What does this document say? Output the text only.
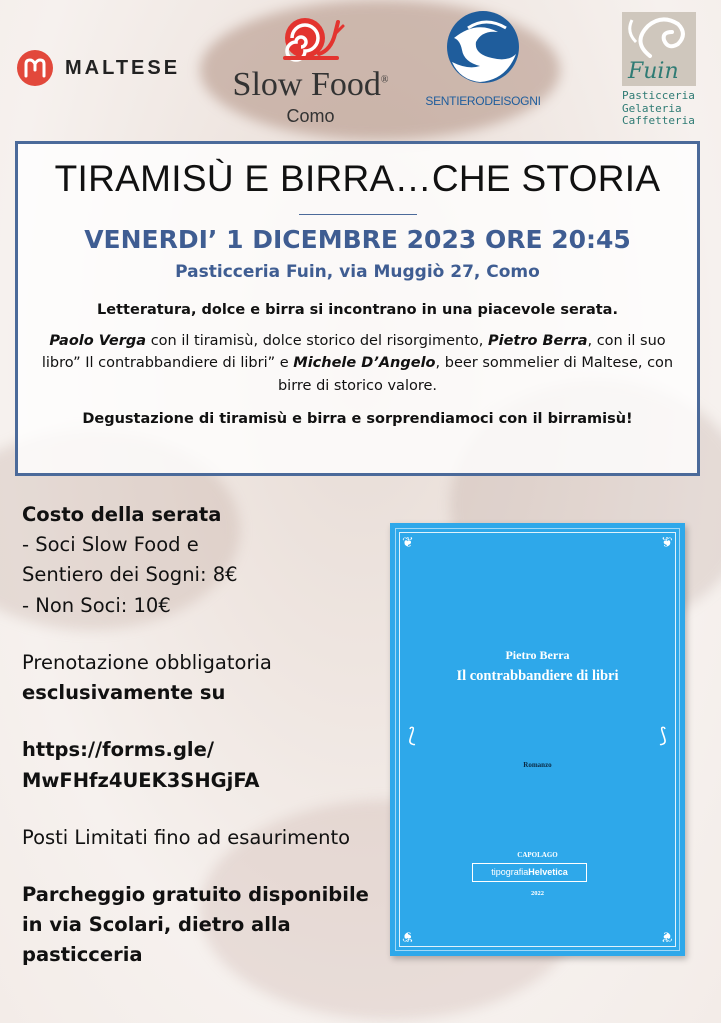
MALTESE Slow Food®
Como
SENTIERODEISOGNI
Fuin
Pasticceria
Gelateria
Caffetteria
TIRAMISÙ E BIRRA…CHE STORIA
VENERDI’ 1 DICEMBRE 2023 ORE 20:45
Pasticceria Fuin, via Muggiò 27, Como
Letteratura, dolce e birra si incontrano in una piacevole serata.
Paolo Verga con il tiramisù, dolce storico del risorgimento, Pietro Berra, con il suo libro” Il contrabbandiere di libri” e Michele D’Angelo, beer sommelier di Maltese, con birre di storico valore.
Degustazione di tiramisù e birra e sorprendiamoci con il birramisù!
Costo della serata
- Soci Slow Food e
Sentiero dei Sogni: 8€
- Non Soci: 10€
Prenotazione obbligatoria
esclusivamente su
https://forms.gle/
MwFHfz4UEK3SHGjFA
Posti Limitati fino ad esaurimento
Parcheggio gratuito disponibile
in via Scolari, dietro alla
pasticceria
❦	❦
❦	❦
⟅	⟆
Pietro Berra
Il contrabbandiere di libri
Romanzo
CAPOLAGO
tipografiaHelvetica
2022
